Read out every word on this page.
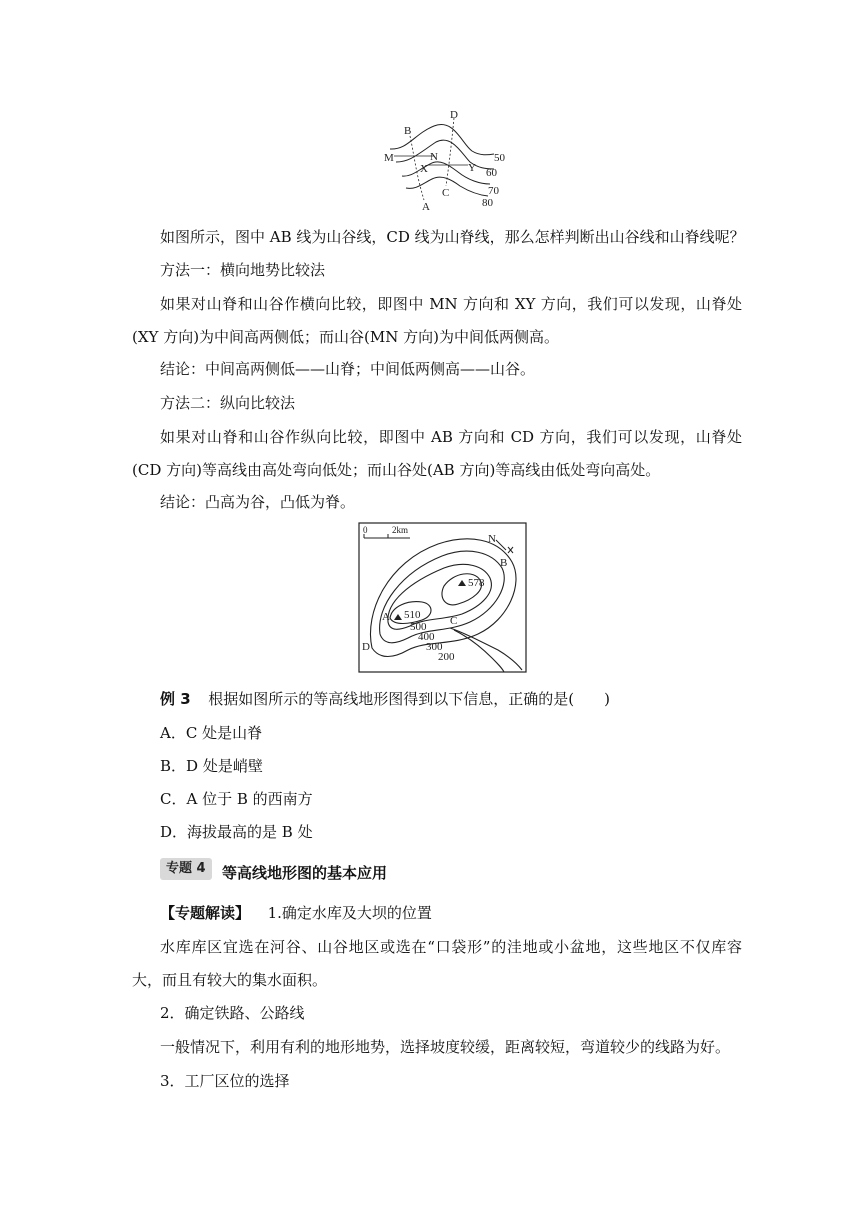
B
D
M	N
X	Y
C
A
50
60
70
80
如图所示，图中 AB 线为山谷线，CD 线为山脊线，那么怎样判断出山谷线和山脊线呢？
方法一：横向地势比较法
如果对山脊和山谷作横向比较，即图中 MN 方向和 XY 方向，我们可以发现，山脊处(XY 方向)为中间高两侧低；而山谷(MN 方向)为中间低两侧高。
结论：中间高两侧低——山脊；中间低两侧高——山谷。
方法二：纵向比较法
如果对山脊和山谷作纵向比较，即图中 AB 方向和 CD 方向，我们可以发现，山脊处(CD 方向)等高线由高处弯向低处；而山谷处(AB 方向)等高线由低处弯向高处。
结论：凸高为谷，凸低为脊。
0	2km
N
B
578
A 510	C
500
400
300
D
200
例 3 根据如图所示的等高线地形图得到以下信息，正确的是(　　)
A．C 处是山脊
B．D 处是峭壁
C．A 位于 B 的西南方
D．海拔最高的是 B 处
专题 4	等高线地形图的基本应用
【专题解读】 1.确定水库及大坝的位置
水库库区宜选在河谷、山谷地区或选在“口袋形”的洼地或小盆地，这些地区不仅库容大，而且有较大的集水面积。
2．确定铁路、公路线
一般情况下，利用有利的地形地势，选择坡度较缓，距离较短，弯道较少的线路为好。
3．工厂区位的选择
